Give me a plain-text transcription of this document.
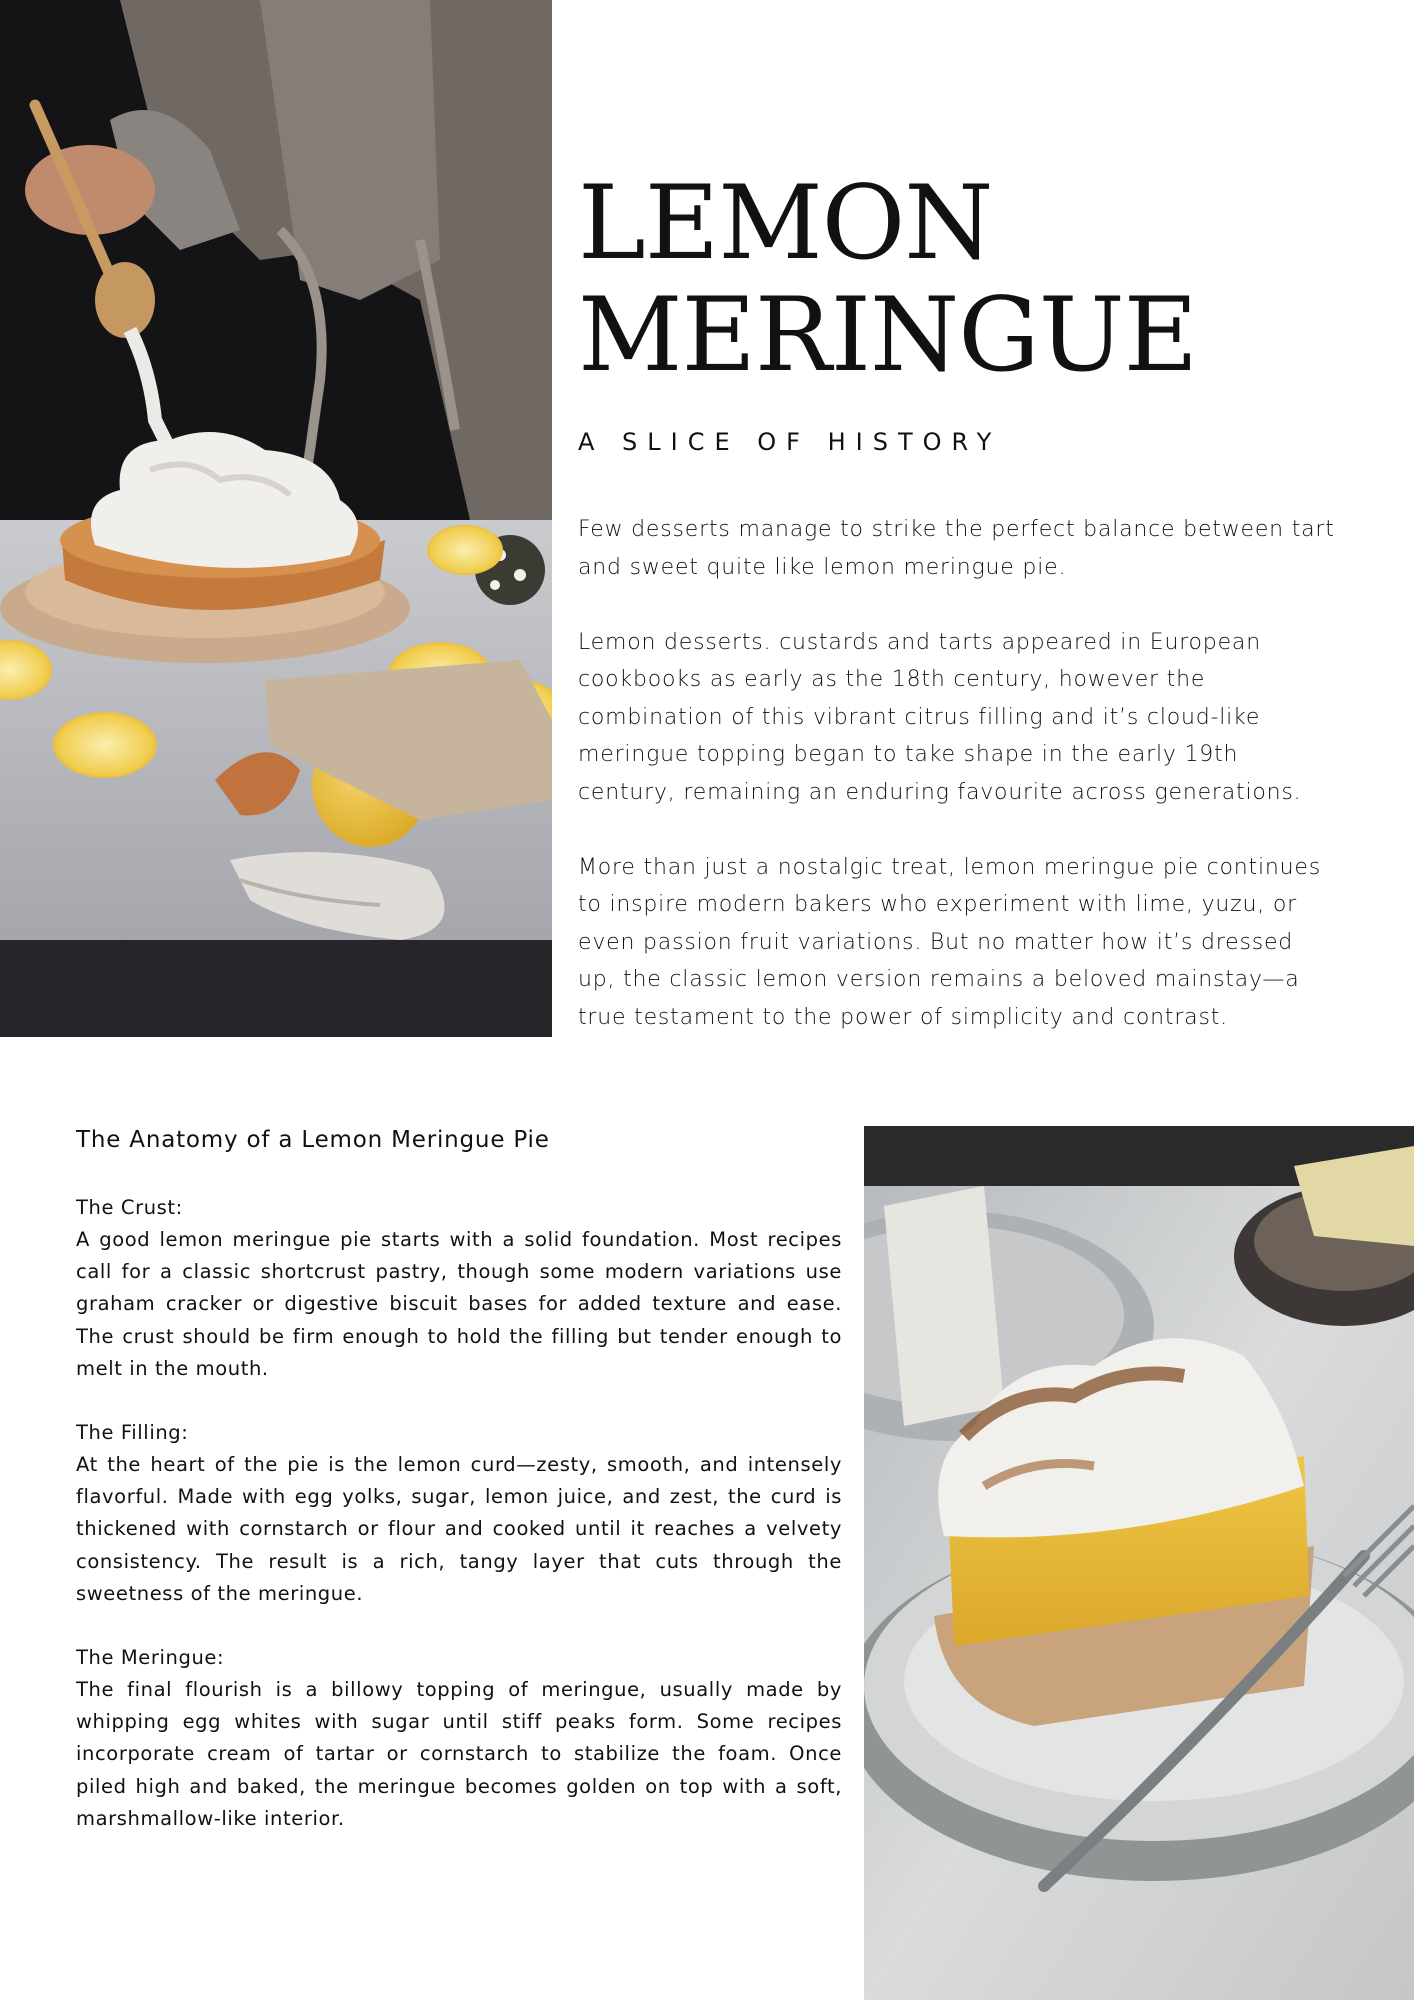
LEMON
MERINGUE
A SLICE OF HISTORY

Few desserts manage to strike the perfect balance between tart and sweet quite like lemon meringue pie.

Lemon desserts. custards and tarts appeared in European cookbooks as early as the 18th century, however the combination of this vibrant citrus filling and it’s cloud-like meringue topping began to take shape in the early 19th century, remaining an enduring favourite across generations.

More than just a nostalgic treat, lemon meringue pie continues to inspire modern bakers who experiment with lime, yuzu, or even passion fruit variations. But no matter how it’s dressed up, the classic lemon version remains a beloved mainstay—a true testament to the power of simplicity and contrast.

The Anatomy of a Lemon Meringue Pie
The Crust:

A good lemon meringue pie starts with a solid foundation. Most recipes call for a classic shortcrust pastry, though some modern variations use graham cracker or digestive biscuit bases for added texture and ease. The crust should be firm enough to hold the filling but tender enough to melt in the mouth.

The Filling:

At the heart of the pie is the lemon curd—zesty, smooth, and intensely flavorful. Made with egg yolks, sugar, lemon juice, and zest, the curd is thickened with cornstarch or flour and cooked until it reaches a velvety consistency. The result is a rich, tangy layer that cuts through the sweetness of the meringue.

The Meringue:

The final flourish is a billowy topping of meringue, usually made by whipping egg whites with sugar until stiff peaks form. Some recipes incorporate cream of tartar or cornstarch to stabilize the foam. Once piled high and baked, the meringue becomes golden on top with a soft, marshmallow-like interior.
